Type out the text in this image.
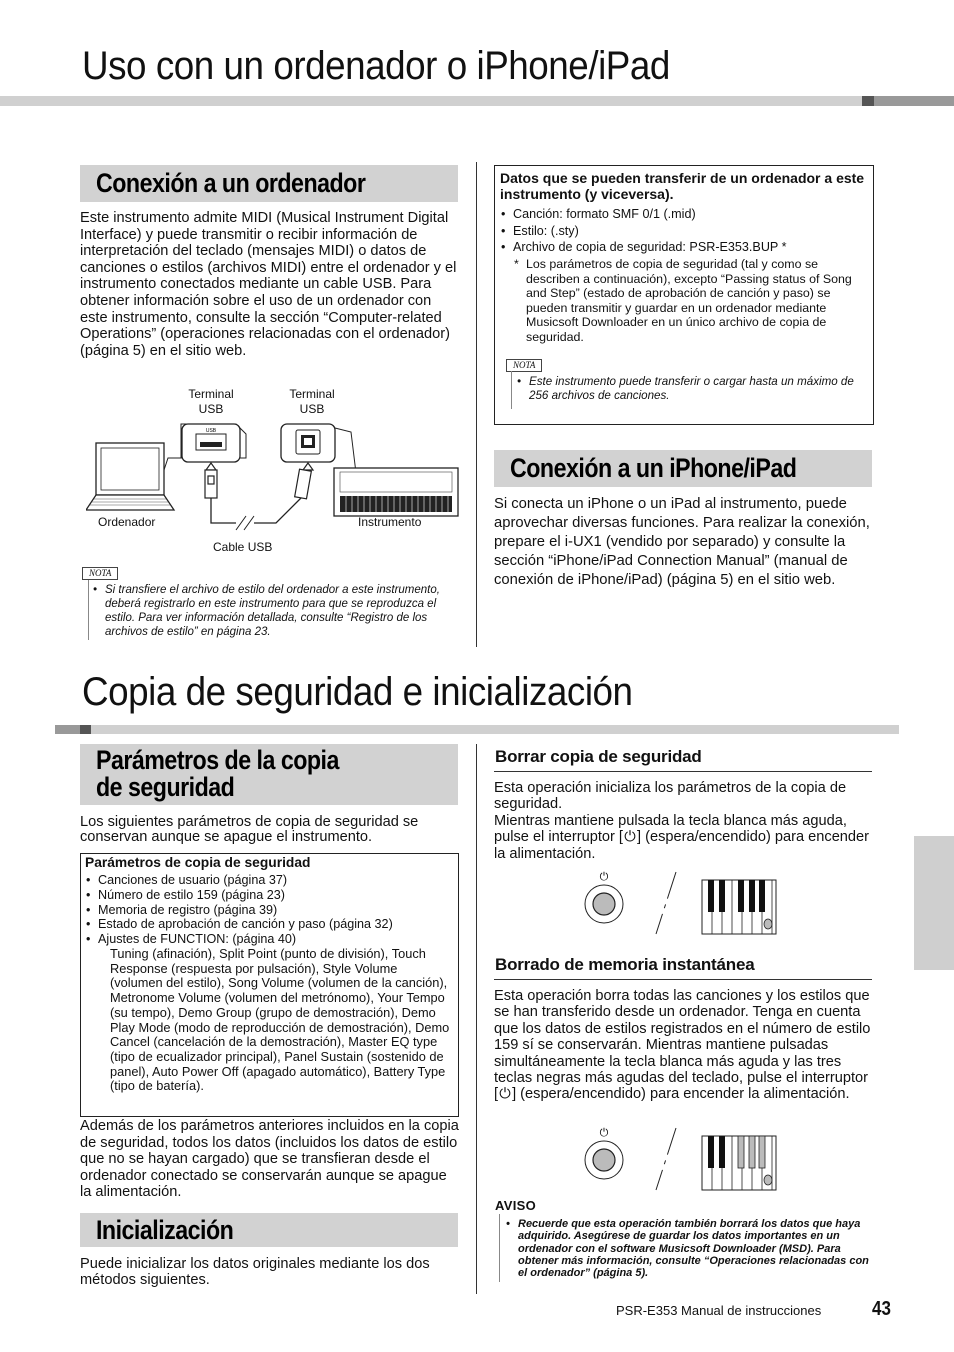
Uso con un ordenador o iPhone/iPad
Conexión a un ordenador
Este instrumento admite MIDI (Musical Instrument Digital Interface) y puede transmitir o recibir información de interpretación del teclado (mensajes MIDI) o datos de canciones o estilos (archivos MIDI) entre el ordenador y el instrumento conectados mediante un cable USB. Para obtener información sobre el uso de un ordenador con este instrumento, consulte la sección “Computer-related Operations” (operaciones relacionadas con el ordenador) (página 5) en el sitio web.
Terminal
USB
Terminal
USB
USB
Ordenador	Instrumento
Cable USB
NOTA
• Si transfiere el archivo de estilo del ordenador a este instrumento, deberá registrarlo en este instrumento para que se reproduzca el estilo. Para ver información detallada, consulte “Registro de los archivos de estilo” en página 23.
Datos que se pueden transferir de un ordenador a este instrumento (y viceversa).
• Canción: formato SMF 0/1 (.mid)
• Estilo: (.sty)
• Archivo de copia de seguridad: PSR-E353.BUP *
* Los parámetros de copia de seguridad (tal y como se describen a continuación), excepto “Passing status of Song and Step” (estado de aprobación de canción y paso) se pueden transmitir y guardar en un ordenador mediante Musicsoft Downloader en un único archivo de copia de seguridad.
NOTA
• Este instrumento puede transferir o cargar hasta un máximo de 256 archivos de canciones.
Conexión a un iPhone/iPad
Si conecta un iPhone o un iPad al instrumento, puede aprovechar diversas funciones. Para realizar la conexión, prepare el i-UX1 (vendido por separado) y consulte la sección “iPhone/iPad Connection Manual” (manual de conexión de iPhone/iPad) (página 5) en el sitio web.
Copia de seguridad e inicialización
Parámetros de la copia
de seguridad
Los siguientes parámetros de copia de seguridad se conservan aunque se apague el instrumento.
Parámetros de copia de seguridad
• Canciones de usuario (página 37)
• Número de estilo 159 (página 23)
• Memoria de registro (página 39)
• Estado de aprobación de canción y paso (página 32)
• Ajustes de FUNCTION: (página 40)
Tuning (afinación), Split Point (punto de división), Touch Response (respuesta por pulsación), Style Volume (volumen del estilo), Song Volume (volumen de la canción), Metronome Volume (volumen del metrónomo), Your Tempo (su tempo), Demo Group (grupo de demostración), Demo Play Mode (modo de reproducción de demostración), Demo Cancel (cancelación de la demostración), Master EQ type (tipo de ecualizador principal), Panel Sustain (sostenido de panel), Auto Power Off (apagado automático), Battery Type (tipo de batería).
Además de los parámetros anteriores incluidos en la copia de seguridad, todos los datos (incluidos los datos de estilo que no se hayan cargado) que se transfieran desde el ordenador conectado se conservarán aunque se apague la alimentación.
Inicialización
Puede inicializar los datos originales mediante los dos métodos siguientes.
Borrar copia de seguridad

Esta operación inicializa los parámetros de la copia de seguridad.

Mientras mantiene pulsada la tecla blanca más aguda, pulse el interruptor [⏻] (espera/encendido) para encender la alimentación.

⏻
Borrado de memoria instantánea

Esta operación borra todas las canciones y los estilos que se han transferido desde un ordenador. Tenga en cuenta que los datos de estilos registrados en el número de estilo 159 sí se conservarán. Mientras mantiene pulsadas simultáneamente la tecla blanca más aguda y las tres teclas negras más agudas del teclado, pulse el interruptor [⏻] (espera/encendido) para encender la alimentación.

⏻
AVISO
• Recuerde que esta operación también borrará los datos que haya adquirido. Asegúrese de guardar los datos importantes en un ordenador con el software Musicsoft Downloader (MSD). Para obtener más información, consulte “Operaciones relacionadas con el ordenador” (página 5).
PSR-E353 Manual de instrucciones	43
